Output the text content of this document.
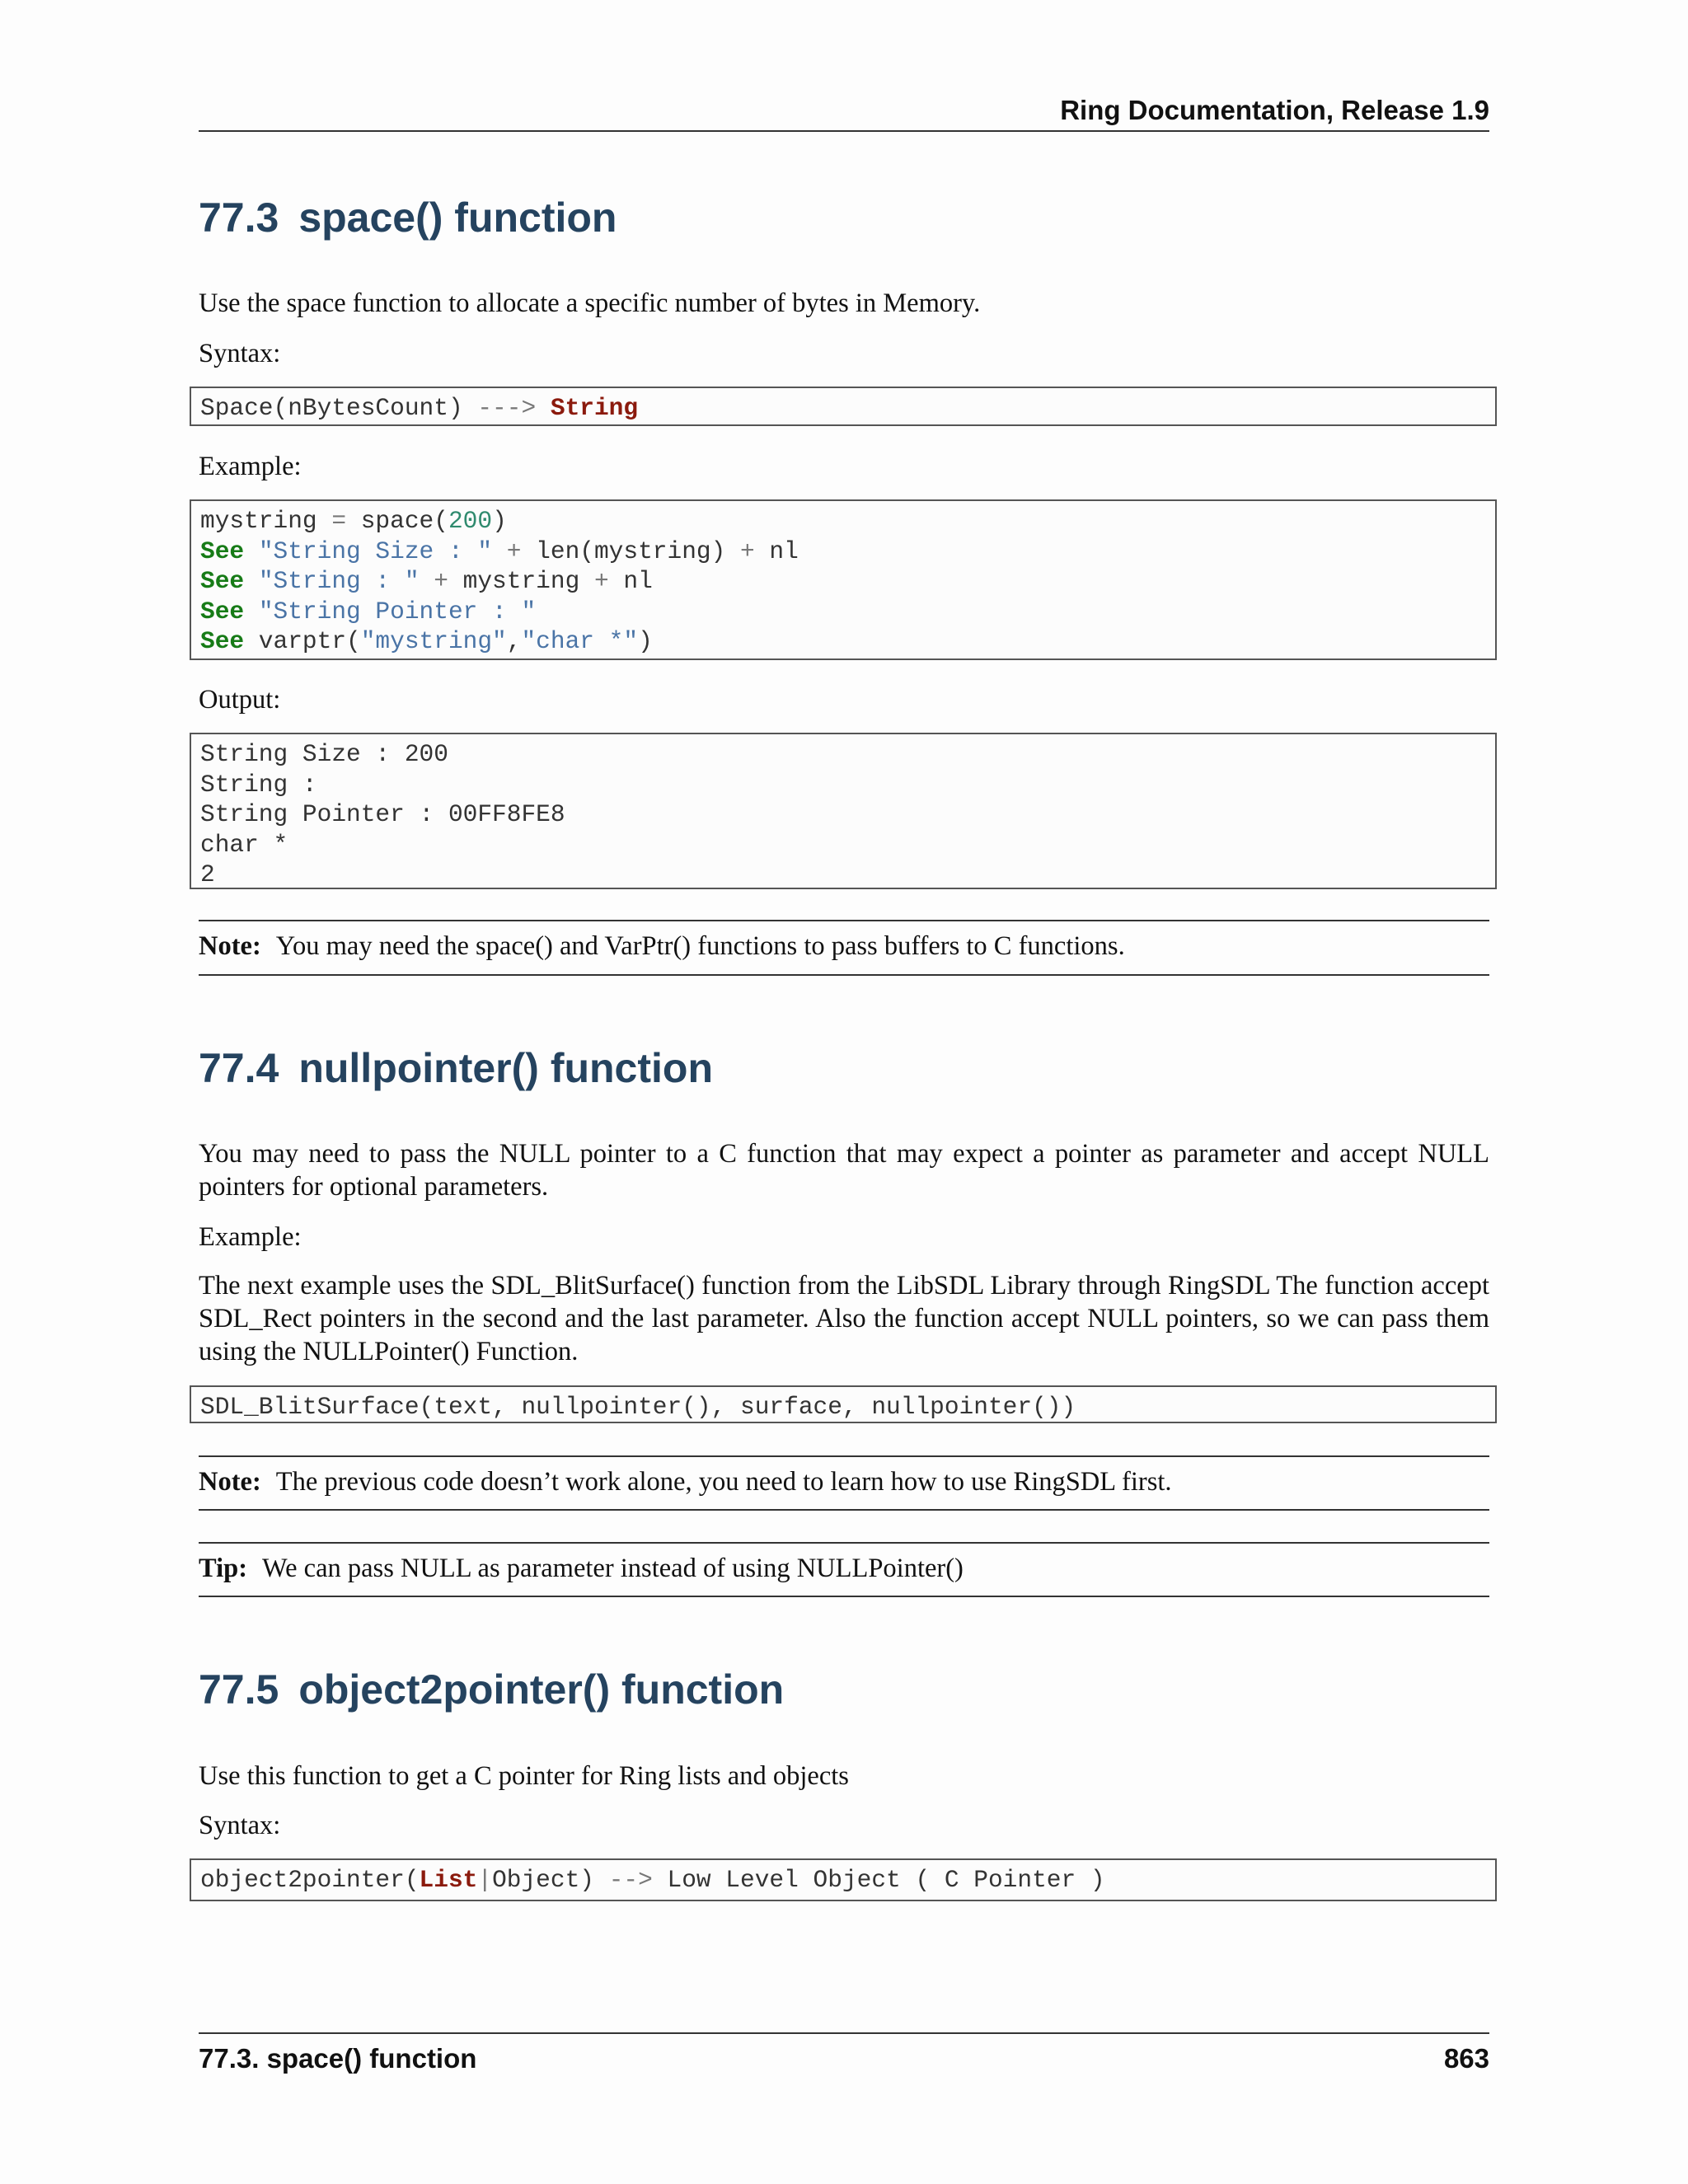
Ring Documentation, Release 1.9
77.3 space() function

Use the space function to allocate a specific number of bytes in Memory.

Syntax:

Space(nBytesCount) ---> String

Example:

mystring = space(200)
See "String Size : " + len(mystring) + nl
See "String : " + mystring + nl
See "String Pointer : "
See varptr("mystring","char *")

Output:

String Size : 200
String :
String Pointer : 00FF8FE8
char *
2

Note: You may need the space() and VarPtr() functions to pass buffers to C functions.

77.4 nullpointer() function

You may need to pass the NULL pointer to a C function that may expect a pointer as parameter and accept NULL pointers for optional parameters.

Example:

The next example uses the SDL_BlitSurface() function from the LibSDL Library through RingSDL The function accept SDL_Rect pointers in the second and the last parameter. Also the function accept NULL pointers, so we can pass them using the NULLPointer() Function.

SDL_BlitSurface(text, nullpointer(), surface, nullpointer())

Note: The previous code doesn’t work alone, you need to learn how to use RingSDL first.

Tip: We can pass NULL as parameter instead of using NULLPointer()

77.5 object2pointer() function

Use this function to get a C pointer for Ring lists and objects

Syntax:

object2pointer(List|Object) --> Low Level Object ( C Pointer )
77.3. space() function	863
